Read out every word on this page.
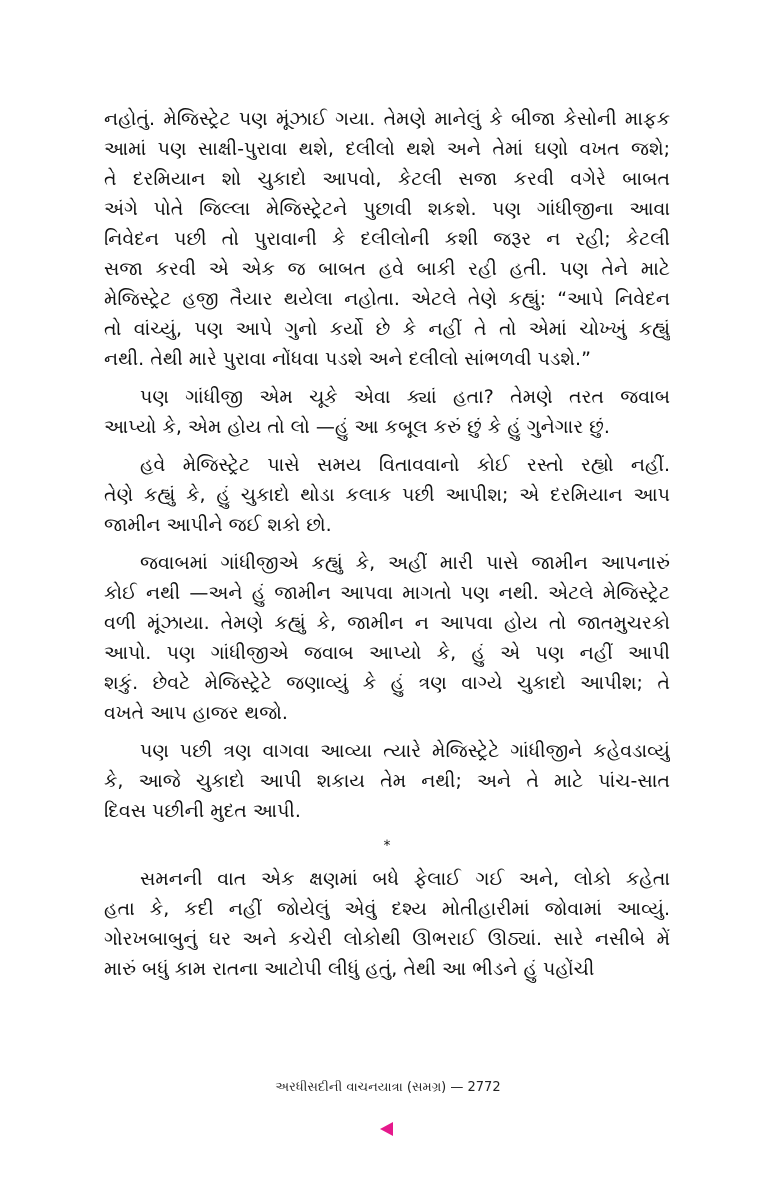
નહોતું. મેજિસ્ટ્રેટ પણ મૂંઝાઈ ગયા. તેમણે માનેલું કે બીજા કેસોની માફક
આમાં પણ સાક્ષી-પુરાવા થશે, દલીલો થશે અને તેમાં ઘણો વખત જશે;
તે દરમિયાન શો ચુકાદો આપવો, કેટલી સજા કરવી વગેરે બાબત
અંગે પોતે જિલ્લા મેજિસ્ટ્રેટને પુછાવી શકશે. પણ ગાંધીજીના આવા
નિવેદન પછી તો પુરાવાની કે દલીલોની કશી જરૂર ન રહી; કેટલી
સજા કરવી એ એક જ બાબત હવે બાકી રહી હતી. પણ તેને માટે
મેજિસ્ટ્રેટ હજી તૈયાર થયેલા નહોતા. એટલે તેણે કહ્યું: “આપે નિવેદન
તો વાંચ્યું, પણ આપે ગુનો કર્યો છે કે નહીં તે તો એમાં ચોખ્ખું કહ્યું
નથી. તેથી મારે પુરાવા નોંધવા પડશે અને દલીલો સાંભળવી પડશે.”
પણ ગાંધીજી એમ ચૂકે એવા ક્યાં હતા? તેમણે તરત જવાબ
આપ્યો કે, એમ હોય તો લો —હું આ કબૂલ કરું છું કે હું ગુનેગાર છું.
હવે મેજિસ્ટ્રેટ પાસે સમય વિતાવવાનો કોઈ રસ્તો રહ્યો નહીં.
તેણે કહ્યું કે, હું ચુકાદો થોડા કલાક પછી આપીશ; એ દરમિયાન આપ
જામીન આપીને જઈ શકો છો.
જવાબમાં ગાંધીજીએ કહ્યું કે, અહીં મારી પાસે જામીન આપનારું
કોઈ નથી —અને હું જામીન આપવા માગતો પણ નથી. એટલે મેજિસ્ટ્રેટ
વળી મૂંઝાયા. તેમણે કહ્યું કે, જામીન ન આપવા હોય તો જાતમુચરકો
આપો. પણ ગાંધીજીએ જવાબ આપ્યો કે, હું એ પણ નહીં આપી
શકું. છેવટે મેજિસ્ટ્રેટે જણાવ્યું કે હું ત્રણ વાગ્યે ચુકાદો આપીશ; તે
વખતે આપ હાજર થજો.
પણ પછી ત્રણ વાગવા આવ્યા ત્યારે મેજિસ્ટ્રેટે ગાંધીજીને કહેવડાવ્યું
કે, આજે ચુકાદો આપી શકાય તેમ નથી; અને તે માટે પાંચ-સાત
દિવસ પછીની મુદત આપી.
*
સમનની વાત એક ક્ષણમાં બધે ફેલાઈ ગઈ અને, લોકો કહેતા
હતા કે, કદી નહીં જોયેલું એવું દશ્ય મોતીહારીમાં જોવામાં આવ્યું.
ગોરખબાબુનું ઘર અને કચેરી લોકોથી ઊભરાઈ ઊઠ્યાં. સારે નસીબે મેં
મારું બધું કામ રાતના આટોપી લીધું હતું, તેથી આ ભીડને હું પહોંચી
અરધીસદીની વાચનયાત્રા (સમગ્ર) — 2772
